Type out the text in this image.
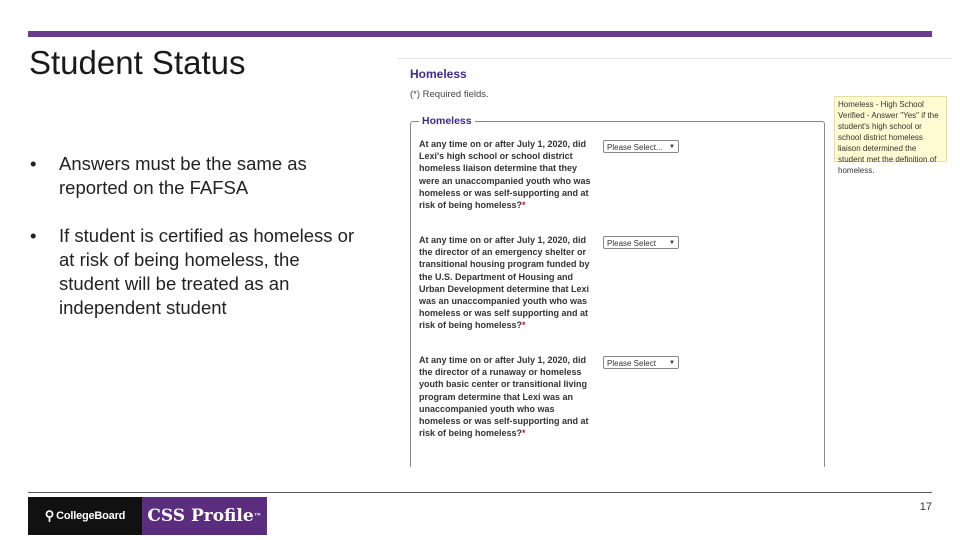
Student Status
• Answers must be the same as reported on the FAFSA
• If student is certified as homeless or at risk of being homeless, the student will be treated as an independent student
Homeless
(*) Required fields.
Homeless
At any time on or after July 1, 2020, did Lexi's high school or school district homeless liaison determine that they were an unaccompanied youth who was homeless or was self-supporting and at risk of being homeless?*
Please Select... ▼
At any time on or after July 1, 2020, did the director of an emergency shelter or transitional housing program funded by the U.S. Department of Housing and Urban Development determine that Lexi was an unaccompanied youth who was homeless or was self supporting and at risk of being homeless?*
Please Select ▼
At any time on or after July 1, 2020, did the director of a runaway or homeless youth basic center or transitional living program determine that Lexi was an unaccompanied youth who was homeless or was self-supporting and at risk of being homeless?*
Please Select ▼
Homeless - High School Verified - Answer "Yes" if the student's high school or school district homeless liaison determined the student met the definition of homeless.
⚲ CollegeBoard CSS Profile ™
17
